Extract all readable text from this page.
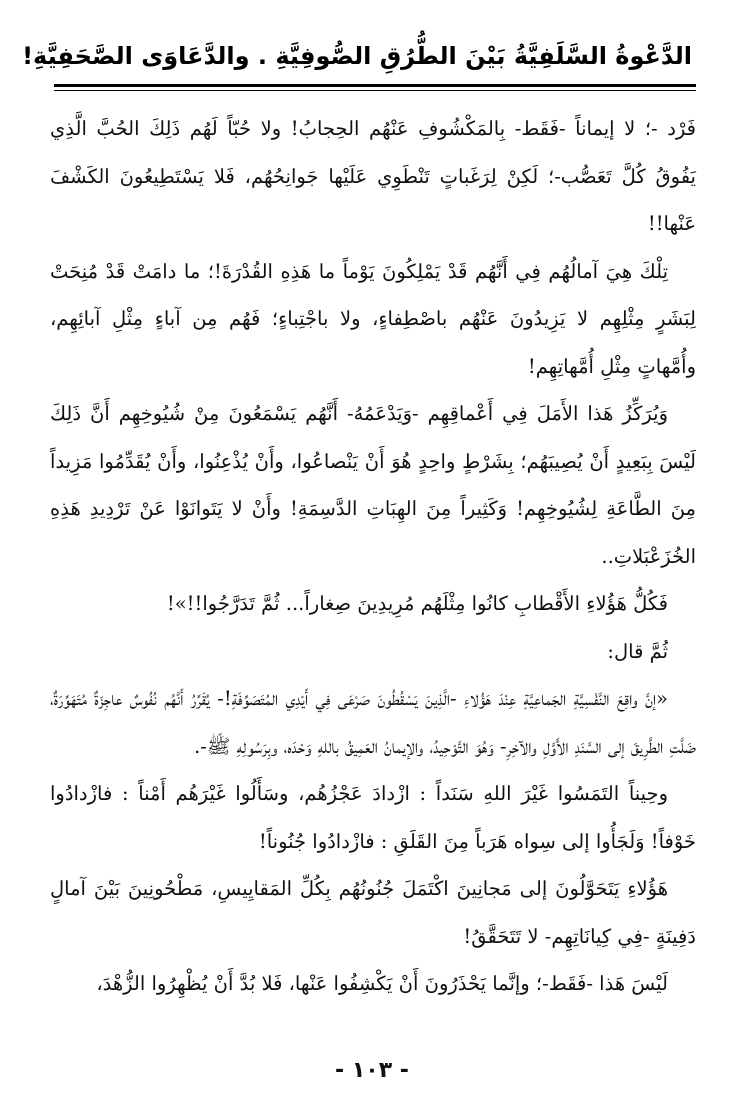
الدَّعْوةُ السَّلَفِيَّةُ بَيْنَ الطُّرُقِ الصُّوفِيَّةِ . والدَّعَاوَى الصَّحَفِيَّةِ!

فَرْد -؛ لا إيماناً -فَقَط- بِالمَكْشُوفِ عَنْهُم الحِجابُ! ولا حُبّاً لَهُم ذَلِكَ الحُبَّ الَّذِي يَفُوقُ كُلَّ تَعَصُّب-؛ لَكِنْ لِرَغَباتٍ تَنْطَوِي عَلَيْها جَوانِحُهُم، فَلا يَسْتَطِيعُونَ الكَشْفَ عَنْها!!

تِلْكَ هِيَ آمالُهُم فِي أَنَّهُم قَدْ يَمْلِكُونَ يَوْماً ما هَذِهِ القُدْرَةَ!؛ ما دامَتْ قَدْ مُنِحَتْ لِبَشَرٍ مِثْلِهِم لا يَزِيدُونَ عَنْهُم باصْطِفاءٍ، ولا باجْتِباءٍ؛ فَهُم مِن آباءٍ مِثْلِ آبائِهِم، وأُمَّهاتٍ مِثْلِ أُمَّهاتِهِم!

وَيُرَكِّزُ هَذا الأَمَلَ فِي أَعْماقِهِم -وَيَدْعَمُهُ- أَنَّهُم يَسْمَعُونَ مِنْ شُيُوخِهِم أَنَّ ذَلِكَ لَيْسَ بِبَعِيدٍ أَنْ يُصِيبَهُم؛ بِشَرْطٍ واحِدٍ هُوَ أَنْ يَنْصاعُوا، وأَنْ يُذْعِنُوا، وأَنْ يُقَدِّمُوا مَزِيداً مِنَ الطَّاعَةِ لِشُيُوخِهِم! وَكَثِيراً مِنَ الهِبَاتِ الدَّسِمَةِ! وأَنْ لا يَتَوانَوْا عَنْ تَرْدِيدِ هَذِهِ الخُزَعْبَلاتِ..

فَكُلُّ هَؤُلاءِ الأَقْطابِ كانُوا مِثْلَهُم مُرِيدِينَ صِغاراً... ثُمَّ تَدَرَّجُوا!!»!

ثُمَّ قال:

«إنَّ واقِعَ النَّفْسِيَّةِ الجَماعِيَّةِ عِنْدَ هَؤُلاءِ -الَّذِينَ يَسْقُطُونَ صَرْعَى فِي أَيْدِي المُتَصَوِّفَةِ!- يُقَرِّرُ أَنَّهُم نُفُوسٌ عاجِزَةٌ مُتَهَوِّرَةٌ، ضَلَّتِ الطَّرِيقَ إلى السَّنَدِ الأَوَّلِ والآخِرِ- وَهُوَ التَّوْحِيدُ، والإيمانُ العَمِيقُ باللهِ وَحْدَه، وبِرَسُولِهِ ﷺ-.

وحِيناً التَمَسُوا غَيْرَ اللهِ سَنَداً : ازْدادَ عَجْزُهُم، وسَأَلُوا غَيْرَهُم أَمْناً : فازْدادُوا خَوْفاً! وَلَجَأُوا إلى سِواه هَرَباً مِنَ القَلَقِ : فازْدادُوا جُنُوناً!

هَؤُلاءِ يَتَحَوَّلُونَ إلى مَجانِينَ اكْتَمَلَ جُنُونُهُم بِكُلِّ المَقايِيسِ، مَطْحُونِينَ بَيْنَ آمالٍ دَفِينَةٍ -فِي كِيانَاتِهِم- لا تَتَحَقَّقُ!

لَيْسَ هَذا -فَقَط-؛ وإنَّما يَحْذَرُونَ أَنْ يَكْشِفُوا عَنْها، فَلا بُدَّ أَنْ يُظْهِرُوا الزُّهْدَ،

- ١٠٣ -
